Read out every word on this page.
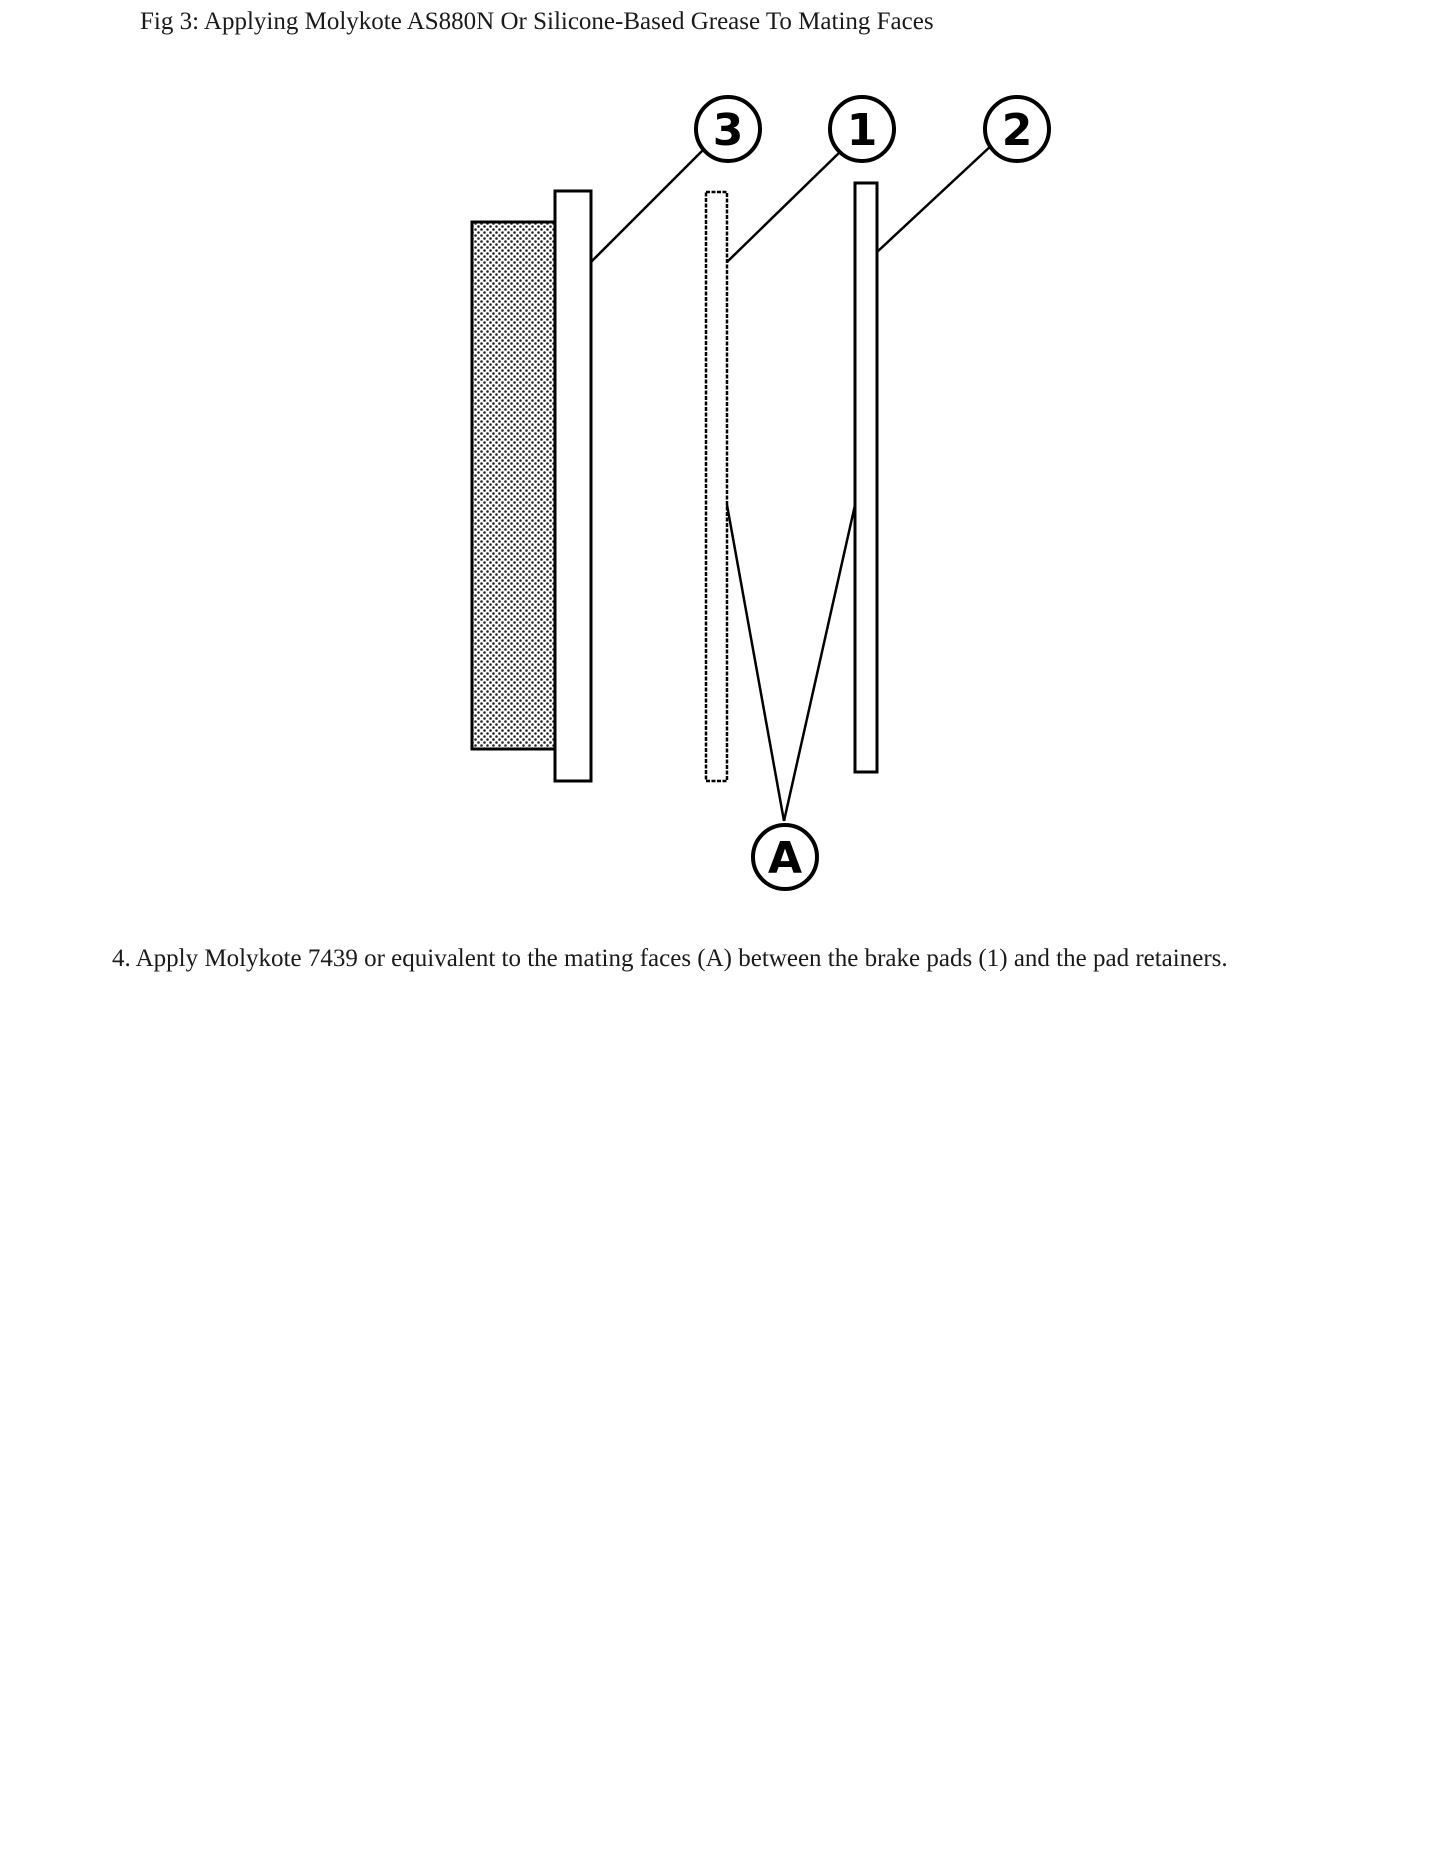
Fig 3: Applying Molykote AS880N Or Silicone-Based Grease To Mating Faces
3 1	2
A
4. Apply Molykote 7439 or equivalent to the mating faces (A) between the brake pads (1) and the pad retainers.
